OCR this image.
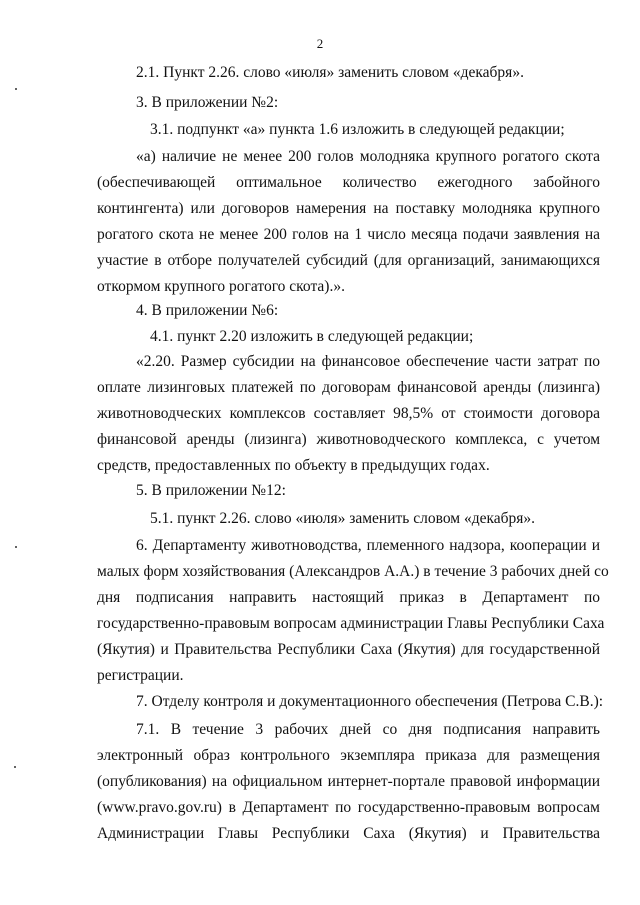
2
2.1. Пункт 2.26. слово «июля» заменить словом «декабря».
3. В приложении №2:
3.1. подпункт «а» пункта 1.6 изложить в следующей редакции;
«а) наличие не менее 200 голов молодняка крупного рогатого скота
(обеспечивающей оптимальное количество ежегодного забойного
контингента) или договоров намерения на поставку молодняка крупного
рогатого скота не менее 200 голов на 1 число месяца подачи заявления на
участие в отборе получателей субсидий (для организаций, занимающихся
откормом крупного рогатого скота).».
4. В приложении №6:
4.1. пункт 2.20 изложить в следующей редакции;
«2.20. Размер субсидии на финансовое обеспечение части затрат по
оплате лизинговых платежей по договорам финансовой аренды (лизинга)
животноводческих комплексов составляет 98,5% от стоимости договора
финансовой аренды (лизинга) животноводческого комплекса, с учетом
средств, предоставленных по объекту в предыдущих годах.
5. В приложении №12:
5.1. пункт 2.26. слово «июля» заменить словом «декабря».
6. Департаменту животноводства, племенного надзора, кооперации и
малых форм хозяйствования (Александров А.А.) в течение 3 рабочих дней со
дня подписания направить настоящий приказ в Департамент по
государственно-правовым вопросам администрации Главы Республики Саха
(Якутия) и Правительства Республики Саха (Якутия) для государственной
регистрации.
7. Отделу контроля и документационного обеспечения (Петрова С.В.):
7.1. В течение 3 рабочих дней со дня подписания направить
электронный образ контрольного экземпляра приказа для размещения
(опубликования) на официальном интернет-портале правовой информации
(www.pravo.gov.ru) в Департамент по государственно-правовым вопросам
Администрации Главы Республики Саха (Якутия) и Правительства
